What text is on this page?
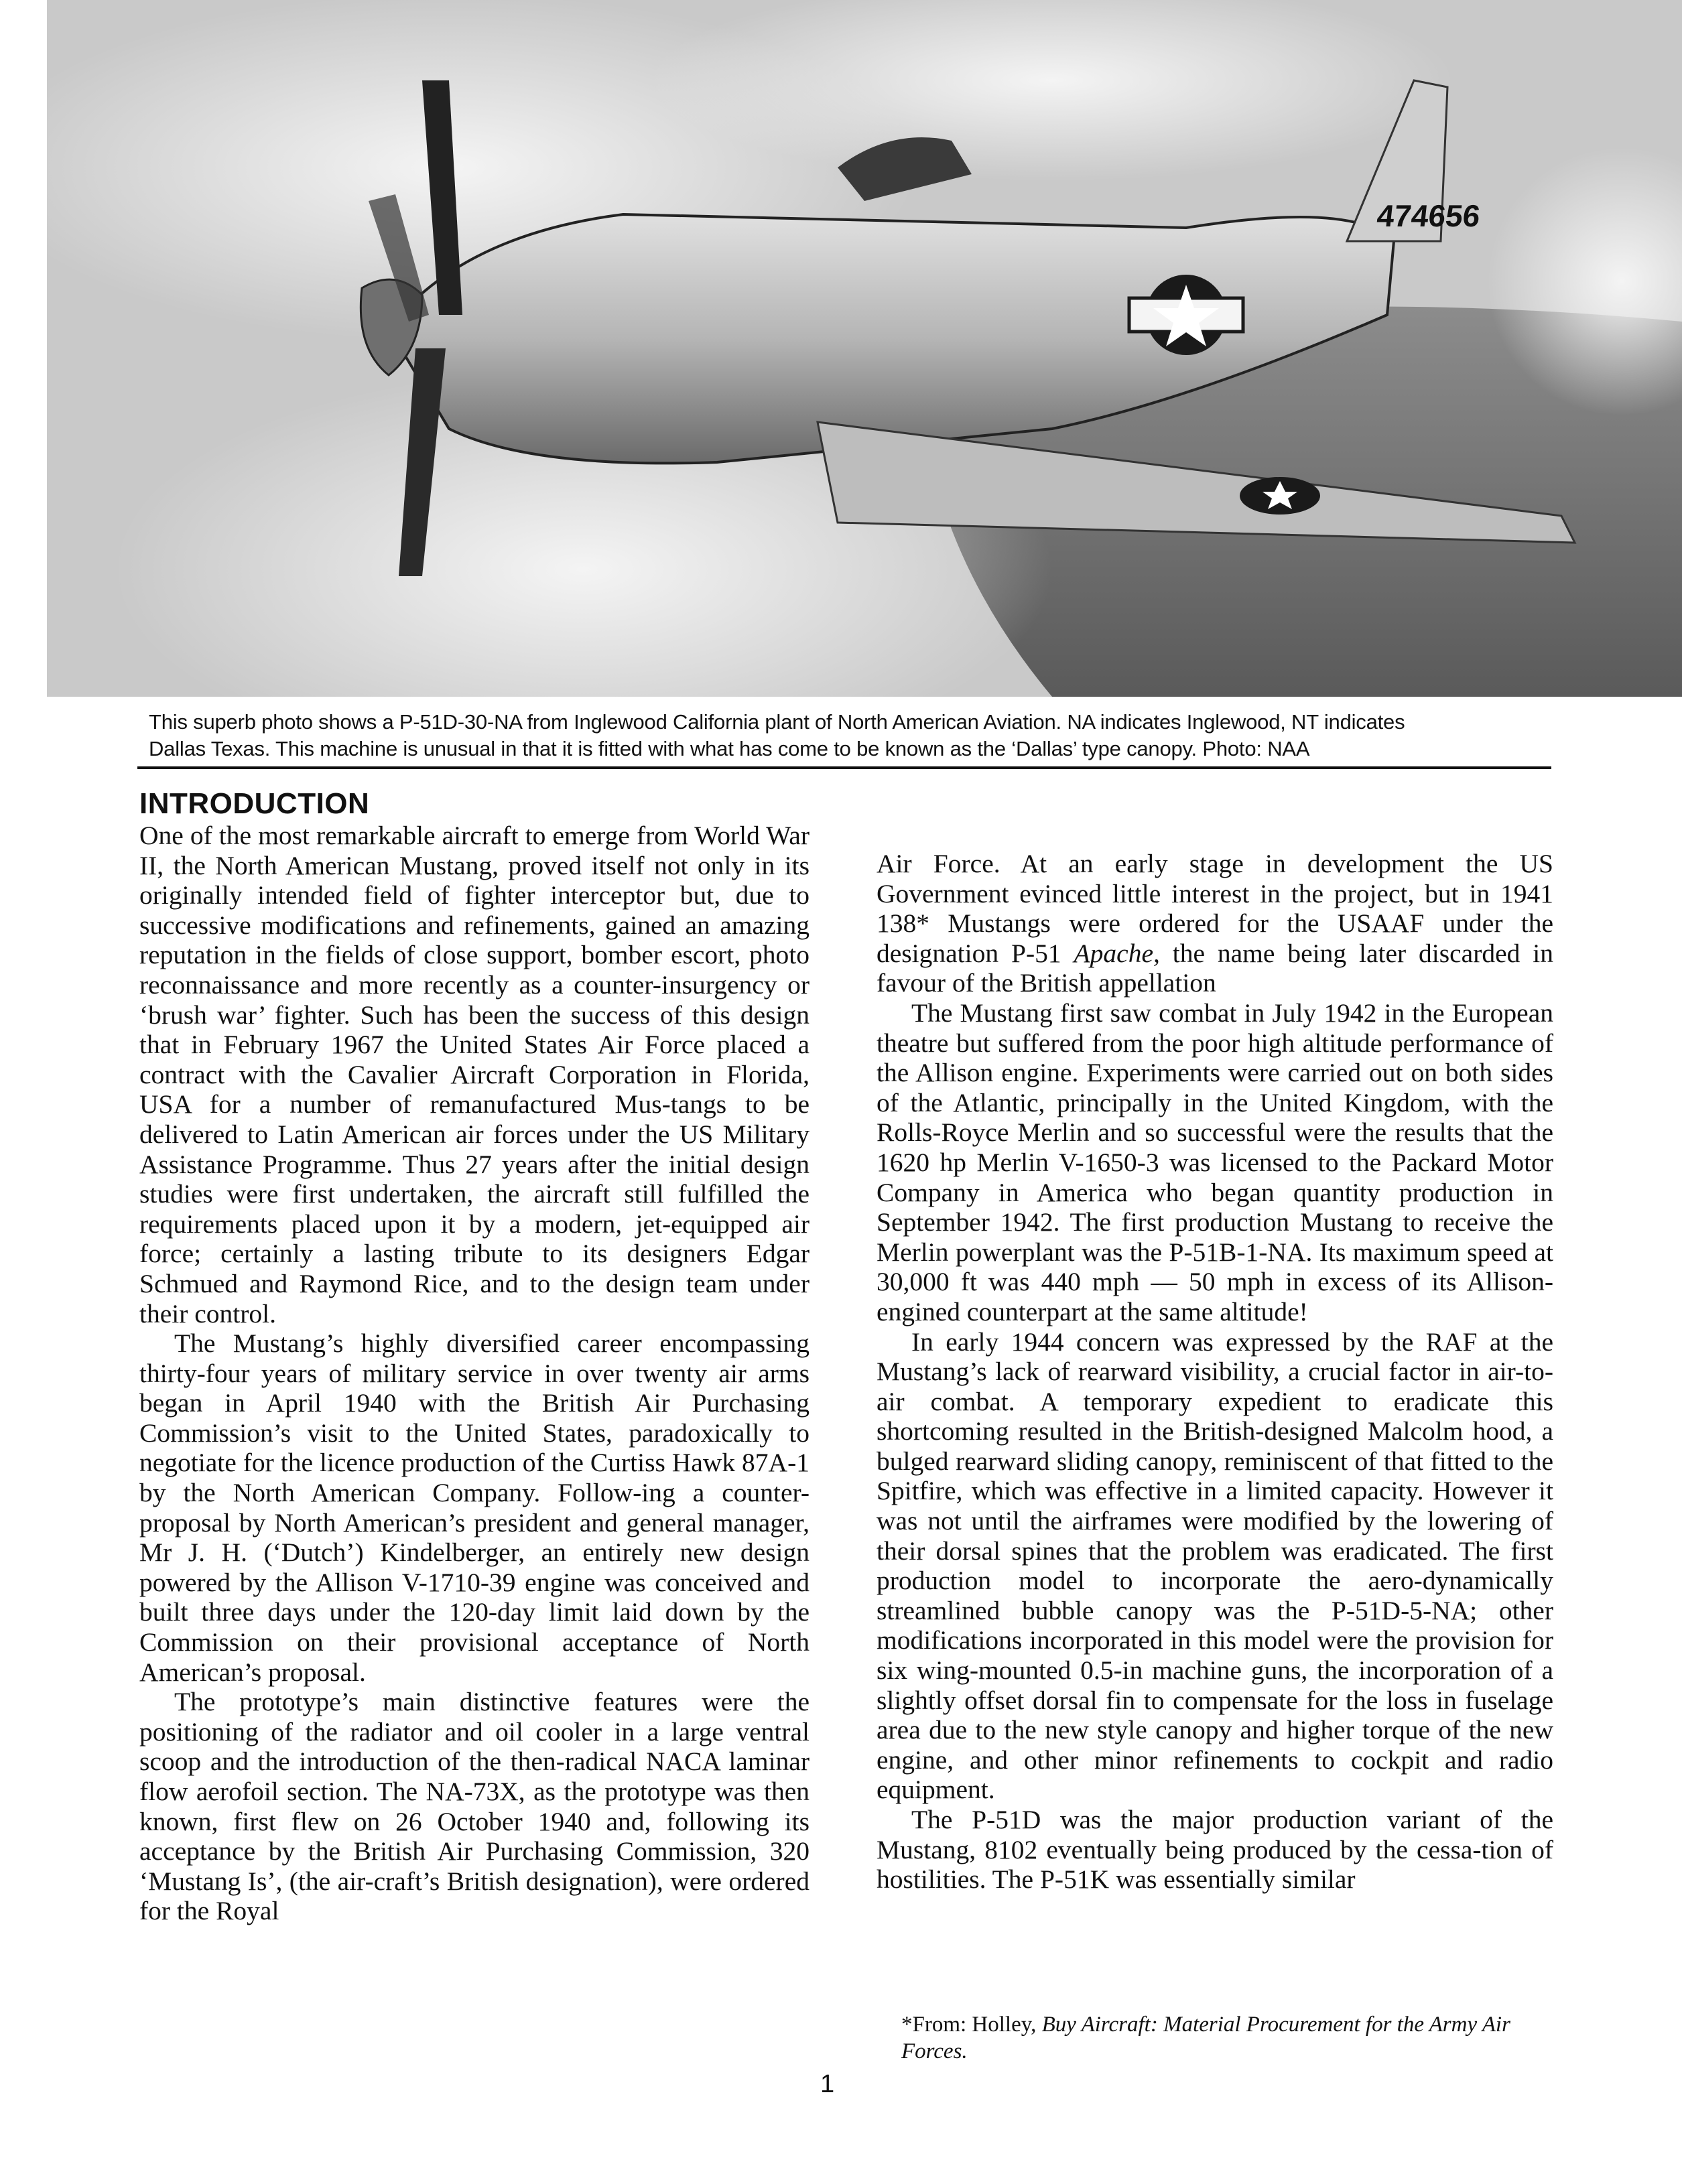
474656
This superb photo shows a P-51D-30-NA from Inglewood California plant of North American Aviation. NA indicates Inglewood, NT indicates
Dallas Texas. This machine is unusual in that it is fitted with what has come to be known as the ‘Dallas’ type canopy. Photo: NAA
INTRODUCTION

One of the most remarkable aircraft to emerge from World War II, the North American Mustang, proved itself not only in its originally intended field of fighter interceptor but, due to successive modifications and refinements, gained an amazing reputation in the fields of close support, bomber escort, photo reconnaissance and more recently as a counter-insurgency or ‘brush war’ fighter. Such has been the success of this design that in February 1967 the United States Air Force placed a contract with the Cavalier Aircraft Corporation in Florida, USA for a number of remanufactured Mus-tangs to be delivered to Latin American air forces under the US Military Assistance Programme. Thus 27 years after the initial design studies were first undertaken, the aircraft still fulfilled the requirements placed upon it by a modern, jet-equipped air force; certainly a lasting tribute to its designers Edgar Schmued and Raymond Rice, and to the design team under their control.

The Mustang’s highly diversified career encompassing thirty-four years of military service in over twenty air arms began in April 1940 with the British Air Purchasing Commission’s visit to the United States, paradoxically to negotiate for the licence production of the Curtiss Hawk 87A-1 by the North American Company. Follow-ing a counter-proposal by North American’s president and general manager, Mr J. H. (‘Dutch’) Kindelberger, an entirely new design powered by the Allison V-1710-39 engine was conceived and built three days under the 120-day limit laid down by the Commission on their provisional acceptance of North American’s proposal.

The prototype’s main distinctive features were the positioning of the radiator and oil cooler in a large ventral scoop and the introduction of the then-radical NACA laminar flow aerofoil section. The NA-73X, as the prototype was then known, first flew on 26 October 1940 and, following its acceptance by the British Air Purchasing Commission, 320 ‘Mustang Is’, (the air-craft’s British designation), were ordered for the Royal

Air Force. At an early stage in development the US Government evinced little interest in the project, but in 1941 138* Mustangs were ordered for the USAAF under the designation P-51 Apache, the name being later discarded in favour of the British appellation

The Mustang first saw combat in July 1942 in the European theatre but suffered from the poor high altitude performance of the Allison engine. Experiments were carried out on both sides of the Atlantic, principally in the United Kingdom, with the Rolls-Royce Merlin and so successful were the results that the 1620 hp Merlin V-1650-3 was licensed to the Packard Motor Company in America who began quantity production in September 1942. The first production Mustang to receive the Merlin powerplant was the P-51B-1-NA. Its maximum speed at 30,000 ft was 440 mph — 50 mph in excess of its Allison-engined counterpart at the same altitude!

In early 1944 concern was expressed by the RAF at the Mustang’s lack of rearward visibility, a crucial factor in air-to-air combat. A temporary expedient to eradicate this shortcoming resulted in the British-designed Malcolm hood, a bulged rearward sliding canopy, reminiscent of that fitted to the Spitfire, which was effective in a limited capacity. However it was not until the airframes were modified by the lowering of their dorsal spines that the problem was eradicated. The first production model to incorporate the aero-dynamically streamlined bubble canopy was the P-51D-5-NA; other modifications incorporated in this model were the provision for six wing-mounted 0.5-in machine guns, the incorporation of a slightly offset dorsal fin to compensate for the loss in fuselage area due to the new style canopy and higher torque of the new engine, and other minor refinements to cockpit and radio equipment.

The P-51D was the major production variant of the Mustang, 8102 eventually being produced by the cessa-tion of hostilities. The P-51K was essentially similar

*From: Holley, Buy Aircraft: Material Procurement for the Army Air Forces.
1
